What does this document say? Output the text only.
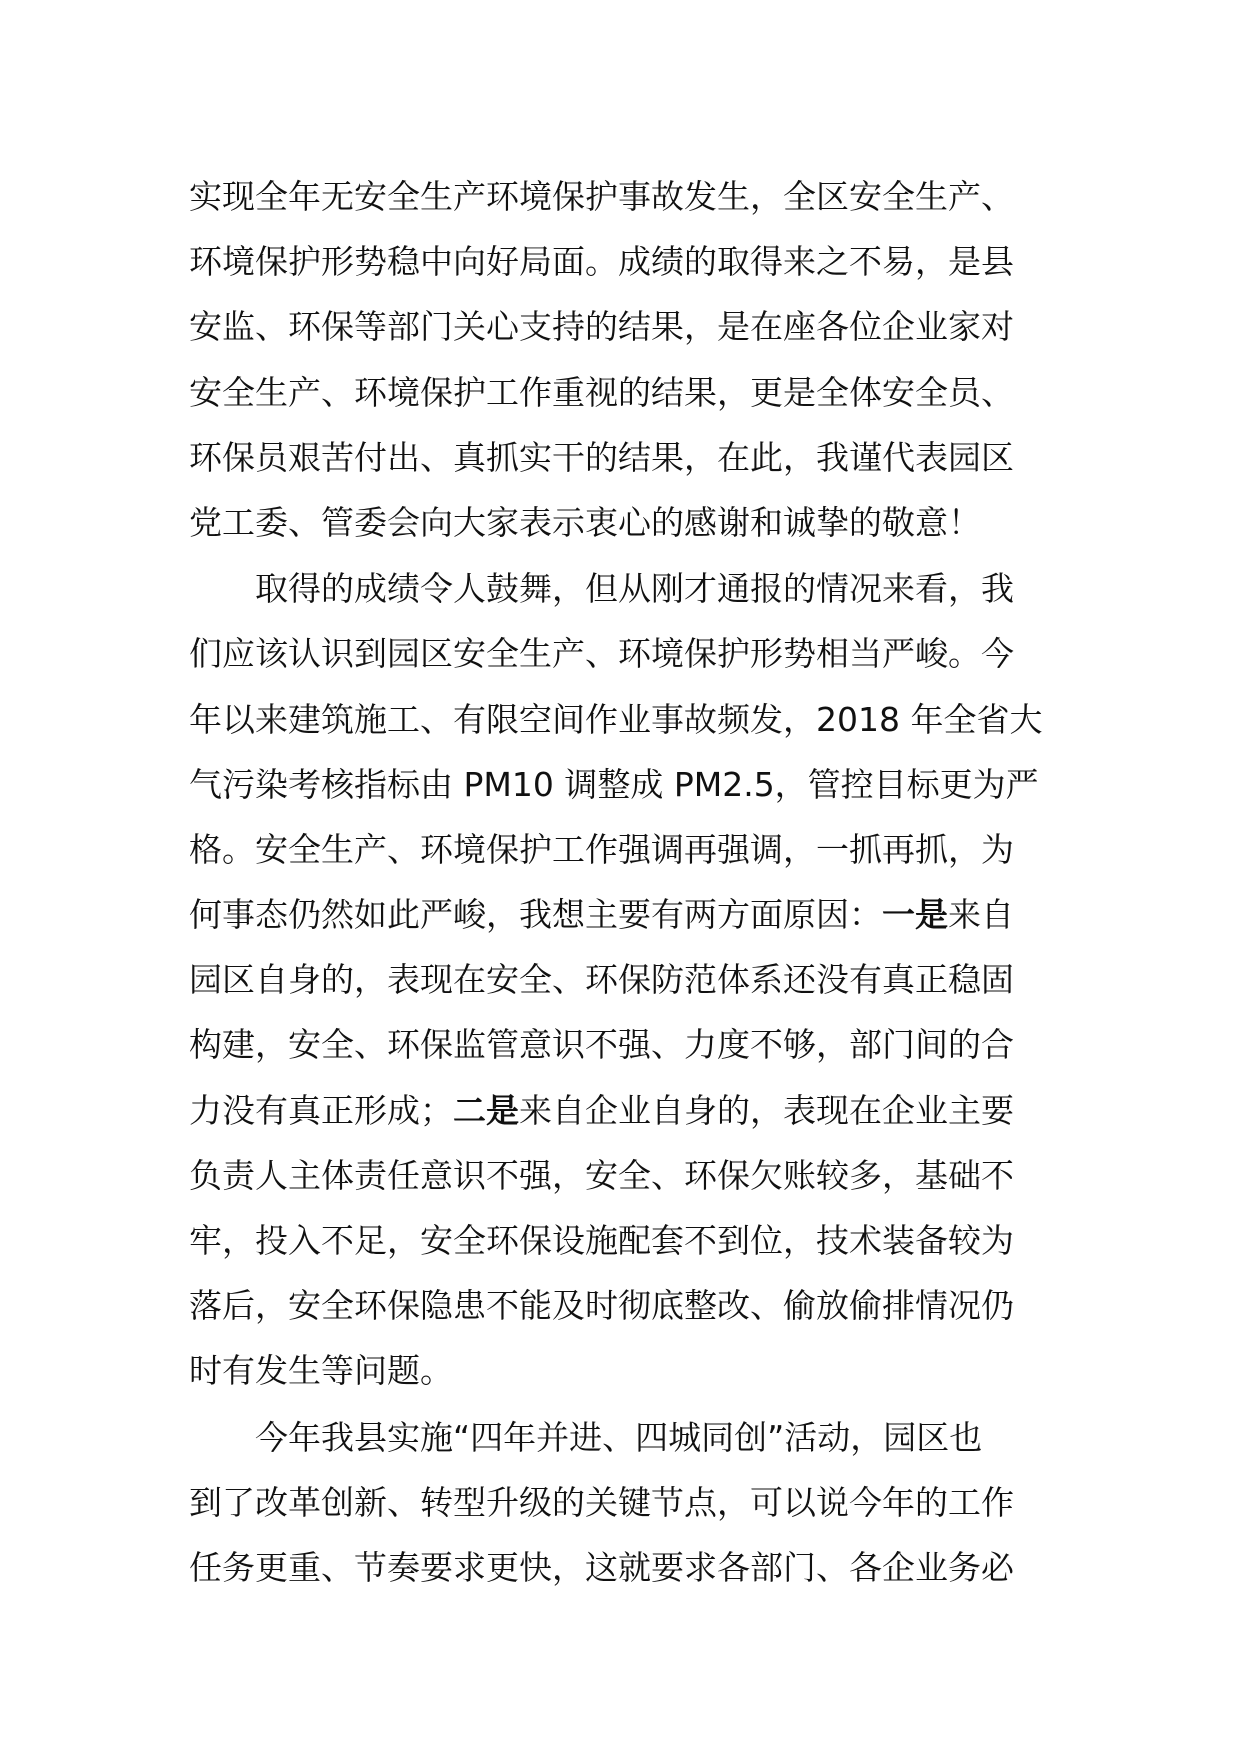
实现全年无安全生产环境保护事故发生，全区安全生产、
环境保护形势稳中向好局面。成绩的取得来之不易，是县
安监、环保等部门关心支持的结果，是在座各位企业家对
安全生产、环境保护工作重视的结果，更是全体安全员、
环保员艰苦付出、真抓实干的结果，在此，我谨代表园区
党工委、管委会向大家表示衷心的感谢和诚挚的敬意！
取得的成绩令人鼓舞，但从刚才通报的情况来看，我
们应该认识到园区安全生产、环境保护形势相当严峻。今
年以来建筑施工、有限空间作业事故频发，2018 年全省大
气污染考核指标由 PM10 调整成 PM2.5，管控目标更为严
格。安全生产、环境保护工作强调再强调，一抓再抓，为
何事态仍然如此严峻，我想主要有两方面原因：一是来自
园区自身的，表现在安全、环保防范体系还没有真正稳固
构建，安全、环保监管意识不强、力度不够，部门间的合
力没有真正形成；二是来自企业自身的，表现在企业主要
负责人主体责任意识不强，安全、环保欠账较多，基础不
牢，投入不足，安全环保设施配套不到位，技术装备较为
落后，安全环保隐患不能及时彻底整改、偷放偷排情况仍
时有发生等问题。
今年我县实施“四年并进、四城同创”活动，园区也
到了改革创新、转型升级的关键节点，可以说今年的工作
任务更重、节奏要求更快，这就要求各部门、各企业务必
